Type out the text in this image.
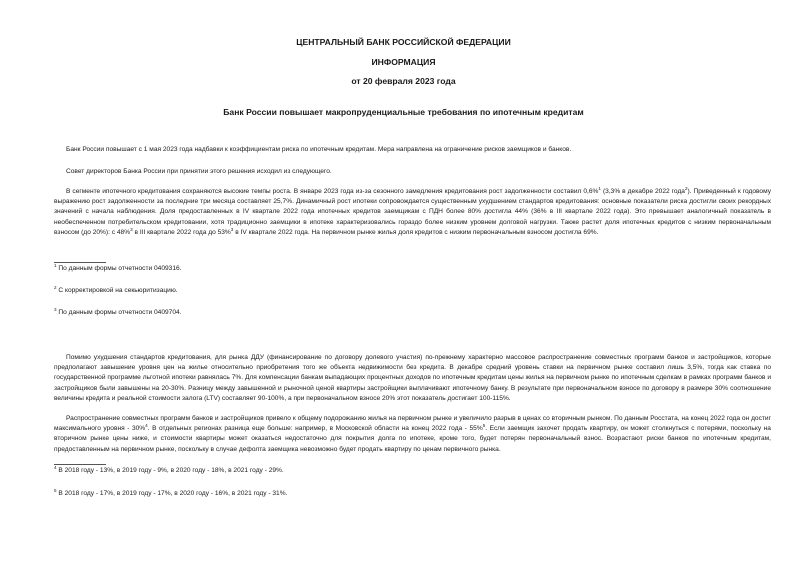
ЦЕНТРАЛЬНЫЙ БАНК РОССИЙСКОЙ ФЕДЕРАЦИИ
ИНФОРМАЦИЯ
от 20 февраля 2023 года
Банк России повышает макропруденциальные требования по ипотечным кредитам
Банк России повышает с 1 мая 2023 года надбавки к коэффициентам риска по ипотечным кредитам. Мера направлена на ограничение рисков заемщиков и банков.
Совет директоров Банка России при принятии этого решения исходил из следующего.
В сегменте ипотечного кредитования сохраняются высокие темпы роста. В январе 2023 года из-за сезонного замедления кредитования рост задолженности составил 0,6%$^1$ (3,3% в декабре 2022 года$^2$). Приведенный к годовому выражению рост задолженности за последние три месяца составляет 25,7%. Динамичный рост ипотеки сопровождается существенным ухудшением стандартов кредитования: основные показатели риска достигли своих рекордных значений с начала наблюдения. Доля предоставленных в IV квартале 2022 года ипотечных кредитов заемщикам с ПДН более 80% достигла 44% (36% в III квартале 2022 года). Это превышает аналогичный показатель в необеспеченном потребительском кредитовании, хотя традиционно заемщики в ипотеке характеризовались гораздо более низким уровнем долговой нагрузки. Также растет доля ипотечных кредитов с низким первоначальным взносом (до 20%): с 48%$^3$ в III квартале 2022 года до 53%$^3$ в IV квартале 2022 года. На первичном рынке жилья доля кредитов с низким первоначальным взносом достигла 69%.
$^1$ По данным формы отчетности 0409316.
$^2$ С корректировкой на секьюритизацию.
$^3$ По данным формы отчетности 0409704.
Помимо ухудшения стандартов кредитования, для рынка ДДУ (финансирование по договору долевого участия) по-прежнему характерно массовое распространение совместных программ банков и застройщиков, которые предполагают завышение уровня цен на жилье относительно приобретения того же объекта недвижимости без кредита. В декабре средний уровень ставки на первичном рынке составил лишь 3,5%, тогда как ставка по государственной программе льготной ипотеки равнялась 7%. Для компенсации банкам выпадающих процентных доходов по ипотечным кредитам цены жилья на первичном рынке по ипотечным сделкам в рамках программ банков и застройщиков были завышены на 20-30%. Разницу между завышенной и рыночной ценой квартиры застройщики выплачивают ипотечному банку. В результате при первоначальном взносе по договору в размере 30% соотношение величины кредита и реальной стоимости залога (LTV) составляет 90-100%, а при первоначальном взносе 20% этот показатель достигает 100-115%.
Распространение совместных программ банков и застройщиков привело к общему подорожанию жилья на первичном рынке и увеличило разрыв в ценах со вторичным рынком. По данным Росстата, на конец 2022 года он достиг максимального уровня - 30%$^4$. В отдельных регионах разница еще больше: например, в Московской области на конец 2022 года - 55%$^5$. Если заемщик захочет продать квартиру, он может столкнуться с потерями, поскольку на вторичном рынке цены ниже, и стоимости квартиры может оказаться недостаточно для покрытия долга по ипотеке, кроме того, будет потерян первоначальный взнос. Возрастают риски банков по ипотечным кредитам, предоставленным на первичном рынке, поскольку в случае дефолта заемщика невозможно будет продать квартиру по ценам первичного рынка.
$^4$ В 2018 году - 13%, в 2019 году - 9%, в 2020 году - 18%, в 2021 году - 29%.
$^5$ В 2018 году - 17%, в 2019 году - 17%, в 2020 году - 16%, в 2021 году - 31%.
